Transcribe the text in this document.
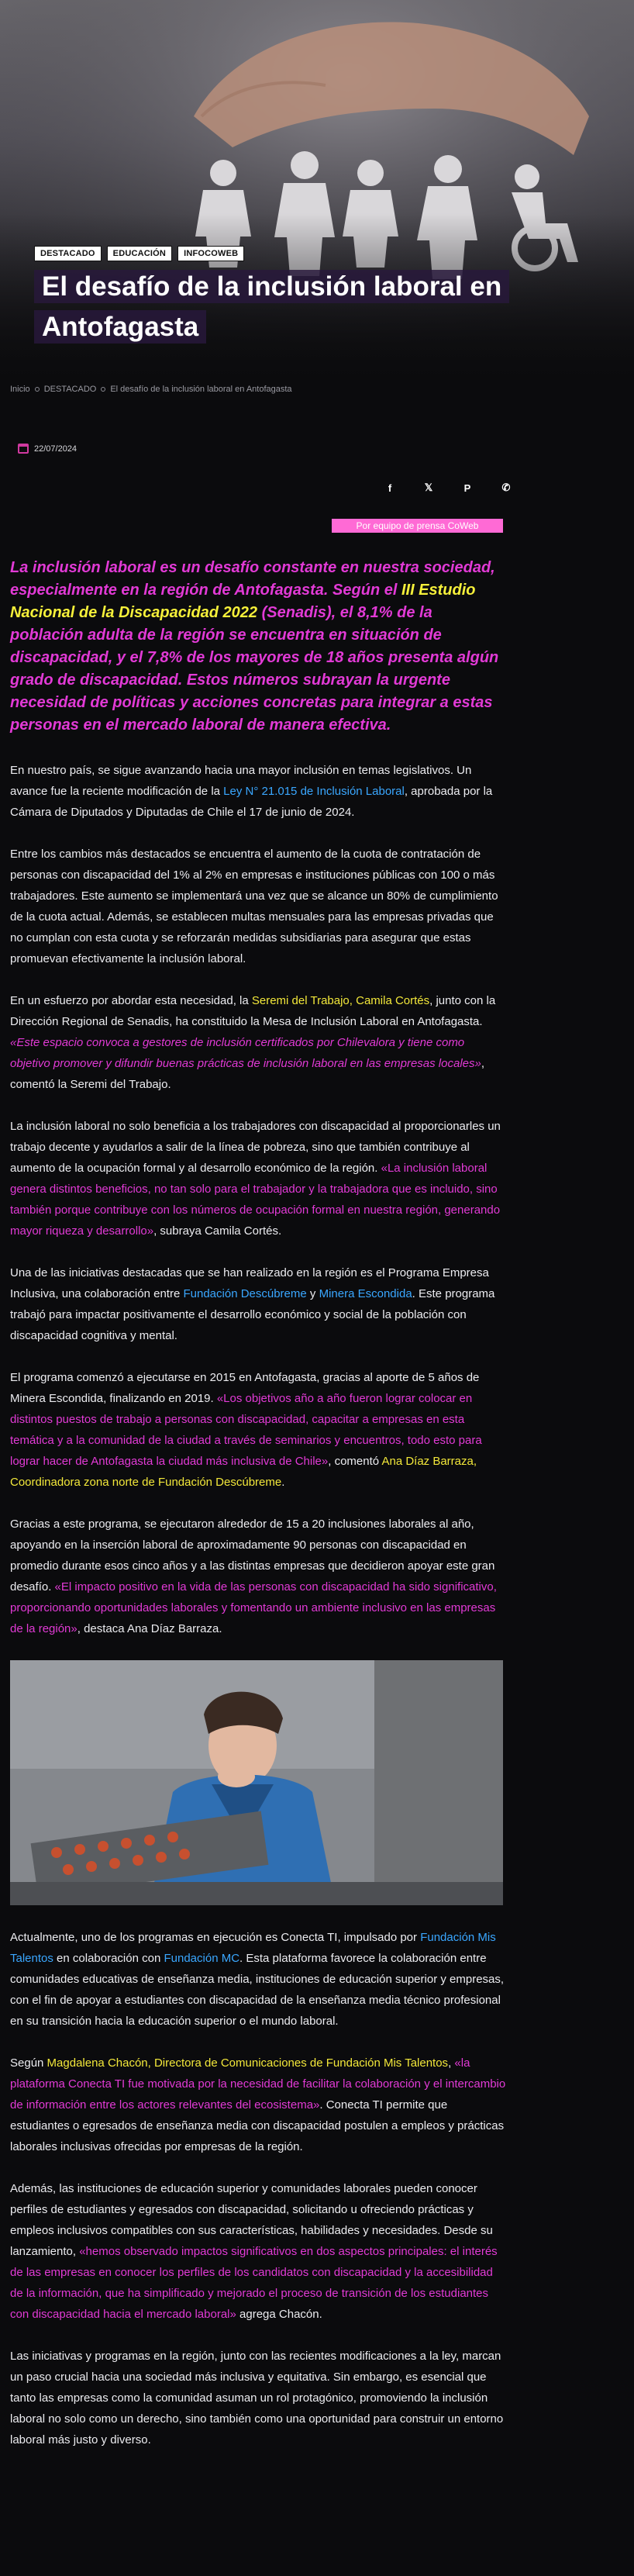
DESTACADO	EDUCACIÓN	INFOCOWEB
El desafío de la inclusión laboral en Antofagasta
Inicio DESTACADO El desafío de la inclusión laboral en Antofagasta
22/07/2024
f	𝕏	P	✆
Por equipo de prensa CoWeb

La inclusión laboral es un desafío constante en nuestra sociedad, especialmente en la región de Antofagasta. Según el III Estudio Nacional de la Discapacidad 2022 (Senadis), el 8,1% de la población adulta de la región se encuentra en situación de discapacidad, y el 7,8% de los mayores de 18 años presenta algún grado de discapacidad. Estos números subrayan la urgente necesidad de políticas y acciones concretas para integrar a estas personas en el mercado laboral de manera efectiva.

En nuestro país, se sigue avanzando hacia una mayor inclusión en temas legislativos. Un avance fue la reciente modificación de la Ley N° 21.015 de Inclusión Laboral, aprobada por la Cámara de Diputados y Diputadas de Chile el 17 de junio de 2024.

Entre los cambios más destacados se encuentra el aumento de la cuota de contratación de personas con discapacidad del 1% al 2% en empresas e instituciones públicas con 100 o más trabajadores. Este aumento se implementará una vez que se alcance un 80% de cumplimiento de la cuota actual. Además, se establecen multas mensuales para las empresas privadas que no cumplan con esta cuota y se reforzarán medidas subsidiarias para asegurar que estas promuevan efectivamente la inclusión laboral.

En un esfuerzo por abordar esta necesidad, la Seremi del Trabajo, Camila Cortés, junto con la Dirección Regional de Senadis, ha constituido la Mesa de Inclusión Laboral en Antofagasta. «Este espacio convoca a gestores de inclusión certificados por Chilevalora y tiene como objetivo promover y difundir buenas prácticas de inclusión laboral en las empresas locales», comentó la Seremi del Trabajo.

La inclusión laboral no solo beneficia a los trabajadores con discapacidad al proporcionarles un trabajo decente y ayudarlos a salir de la línea de pobreza, sino que también contribuye al aumento de la ocupación formal y al desarrollo económico de la región. «La inclusión laboral genera distintos beneficios, no tan solo para el trabajador y la trabajadora que es incluido, sino también porque contribuye con los números de ocupación formal en nuestra región, generando mayor riqueza y desarrollo», subraya Camila Cortés.

Una de las iniciativas destacadas que se han realizado en la región es el Programa Empresa Inclusiva, una colaboración entre Fundación Descúbreme y Minera Escondida. Este programa trabajó para impactar positivamente el desarrollo económico y social de la población con discapacidad cognitiva y mental.

El programa comenzó a ejecutarse en 2015 en Antofagasta, gracias al aporte de 5 años de Minera Escondida, finalizando en 2019. «Los objetivos año a año fueron lograr colocar en distintos puestos de trabajo a personas con discapacidad, capacitar a empresas en esta temática y a la comunidad de la ciudad a través de seminarios y encuentros, todo esto para lograr hacer de Antofagasta la ciudad más inclusiva de Chile», comentó Ana Díaz Barraza, Coordinadora zona norte de Fundación Descúbreme.

Gracias a este programa, se ejecutaron alrededor de 15 a 20 inclusiones laborales al año, apoyando en la inserción laboral de aproximadamente 90 personas con discapacidad en promedio durante esos cinco años y a las distintas empresas que decidieron apoyar este gran desafío. «El impacto positivo en la vida de las personas con discapacidad ha sido significativo, proporcionando oportunidades laborales y fomentando un ambiente inclusivo en las empresas de la región», destaca Ana Díaz Barraza.

Actualmente, uno de los programas en ejecución es Conecta TI, impulsado por Fundación Mis Talentos en colaboración con Fundación MC. Esta plataforma favorece la colaboración entre comunidades educativas de enseñanza media, instituciones de educación superior y empresas, con el fin de apoyar a estudiantes con discapacidad de la enseñanza media técnico profesional en su transición hacia la educación superior o el mundo laboral.

Según Magdalena Chacón, Directora de Comunicaciones de Fundación Mis Talentos, «la plataforma Conecta TI fue motivada por la necesidad de facilitar la colaboración y el intercambio de información entre los actores relevantes del ecosistema». Conecta TI permite que estudiantes o egresados de enseñanza media con discapacidad postulen a empleos y prácticas laborales inclusivas ofrecidas por empresas de la región.

Además, las instituciones de educación superior y comunidades laborales pueden conocer perfiles de estudiantes y egresados con discapacidad, solicitando u ofreciendo prácticas y empleos inclusivos compatibles con sus características, habilidades y necesidades. Desde su lanzamiento, «hemos observado impactos significativos en dos aspectos principales: el interés de las empresas en conocer los perfiles de los candidatos con discapacidad y la accesibilidad de la información, que ha simplificado y mejorado el proceso de transición de los estudiantes con discapacidad hacia el mercado laboral» agrega Chacón.

Las iniciativas y programas en la región, junto con las recientes modificaciones a la ley, marcan un paso crucial hacia una sociedad más inclusiva y equitativa. Sin embargo, es esencial que tanto las empresas como la comunidad asuman un rol protagónico, promoviendo la inclusión laboral no solo como un derecho, sino también como una oportunidad para construir un entorno laboral más justo y diverso.
